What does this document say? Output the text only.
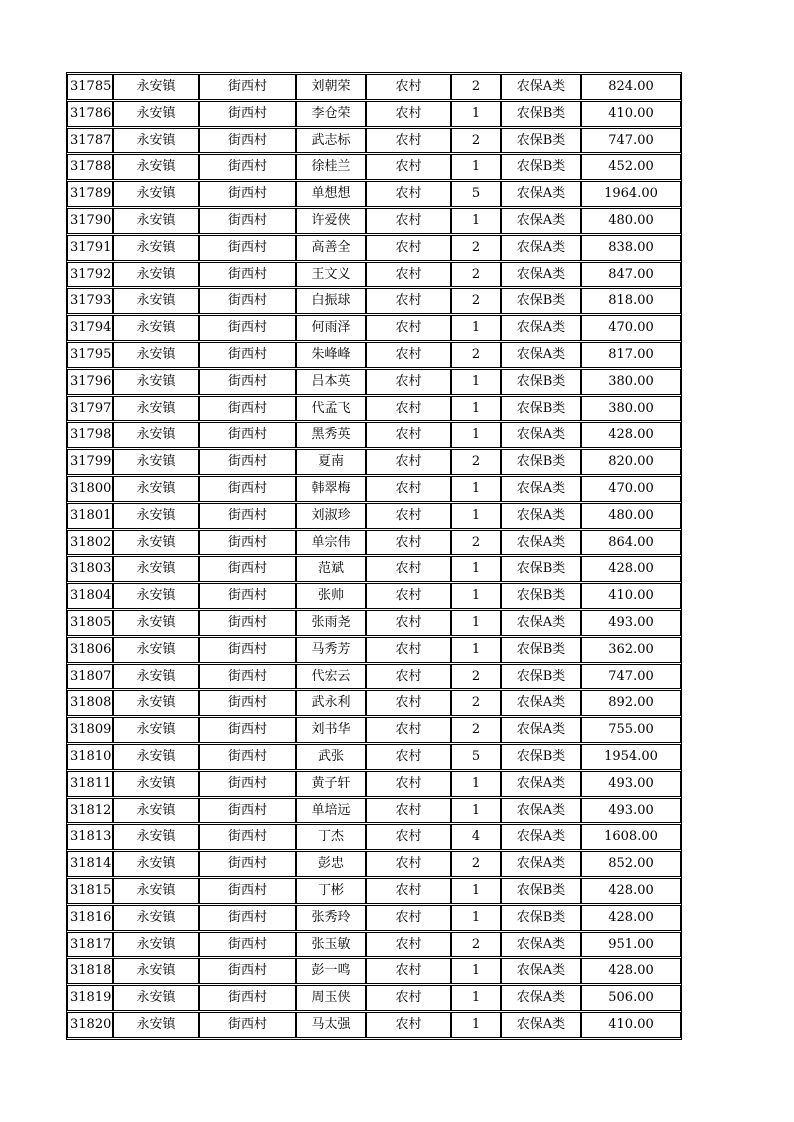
31785	永安镇	街西村	刘朝荣	农村	2	农保A类	824.00
31786	永安镇	街西村	李仓荣	农村	1	农保B类	410.00
31787	永安镇	街西村	武志标	农村	2	农保B类	747.00
31788	永安镇	街西村	徐桂兰	农村	1	农保B类	452.00
31789	永安镇	街西村	单想想	农村	5	农保A类	1964.00
31790	永安镇	街西村	许爱侠	农村	1	农保A类	480.00
31791	永安镇	街西村	高善全	农村	2	农保A类	838.00
31792	永安镇	街西村	王文义	农村	2	农保A类	847.00
31793	永安镇	街西村	白振球	农村	2	农保B类	818.00
31794	永安镇	街西村	何雨泽	农村	1	农保A类	470.00
31795	永安镇	街西村	朱峰峰	农村	2	农保A类	817.00
31796	永安镇	街西村	吕本英	农村	1	农保B类	380.00
31797	永安镇	街西村	代孟飞	农村	1	农保B类	380.00
31798	永安镇	街西村	黑秀英	农村	1	农保A类	428.00
31799	永安镇	街西村	夏南	农村	2	农保B类	820.00
31800	永安镇	街西村	韩翠梅	农村	1	农保A类	470.00
31801	永安镇	街西村	刘淑珍	农村	1	农保A类	480.00
31802	永安镇	街西村	单宗伟	农村	2	农保A类	864.00
31803	永安镇	街西村	范斌	农村	1	农保B类	428.00
31804	永安镇	街西村	张帅	农村	1	农保B类	410.00
31805	永安镇	街西村	张雨尧	农村	1	农保A类	493.00
31806	永安镇	街西村	马秀芳	农村	1	农保B类	362.00
31807	永安镇	街西村	代宏云	农村	2	农保B类	747.00
31808	永安镇	街西村	武永利	农村	2	农保A类	892.00
31809	永安镇	街西村	刘书华	农村	2	农保A类	755.00
31810	永安镇	街西村	武张	农村	5	农保B类	1954.00
31811	永安镇	街西村	黄子轩	农村	1	农保A类	493.00
31812	永安镇	街西村	单培远	农村	1	农保A类	493.00
31813	永安镇	街西村	丁杰	农村	4	农保A类	1608.00
31814	永安镇	街西村	彭忠	农村	2	农保A类	852.00
31815	永安镇	街西村	丁彬	农村	1	农保B类	428.00
31816	永安镇	街西村	张秀玲	农村	1	农保B类	428.00
31817	永安镇	街西村	张玉敏	农村	2	农保A类	951.00
31818	永安镇	街西村	彭一鸣	农村	1	农保A类	428.00
31819	永安镇	街西村	周玉侠	农村	1	农保A类	506.00
31820	永安镇	街西村	马太强	农村	1	农保A类	410.00
